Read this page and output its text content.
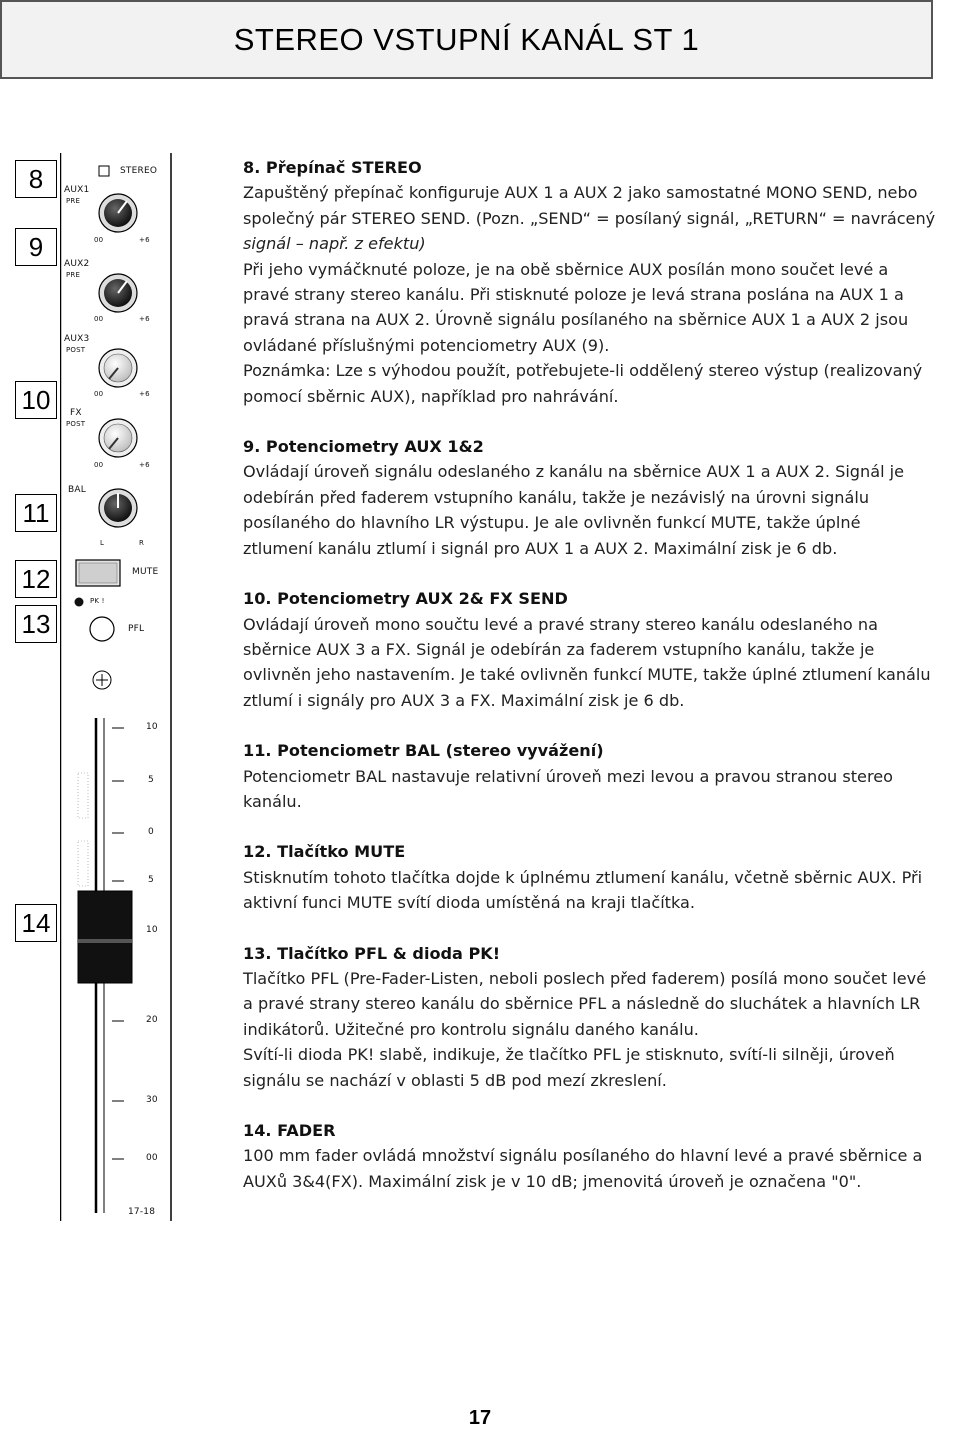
STEREO VSTUPNÍ KANÁL ST 1
8
9
10
11
12
13
14
STEREO
AUX1
PRE
00	+6
AUX2
PRE
00	+6
AUX3
POST
00	+6
FX
POST
00	+6
BAL
L	R
MUTE
PK !
PFL
10
5
0
5
10
20
30
00
17-18
8. Přepínač STEREO

Zapuštěný přepínač konfiguruje AUX 1 a AUX 2 jako samostatné MONO SEND, nebo

společný pár STEREO SEND. (Pozn. „SEND“ = posílaný signál, „RETURN“ = navrácený

signál – např. z efektu)

Při jeho vymáčknuté poloze, je na obě sběrnice AUX posílán mono součet levé a

pravé strany stereo kanálu. Při stisknuté poloze je levá strana poslána na AUX 1 a

pravá strana na AUX 2. Úrovně signálu posílaného na sběrnice AUX 1 a AUX 2 jsou

ovládané příslušnými potenciometry AUX (9).

Poznámka: Lze s výhodou použít, potřebujete-li oddělený stereo výstup (realizovaný

pomocí sběrnic AUX), například pro nahrávání.

9. Potenciometry AUX 1&2

Ovládají úroveň signálu odeslaného z kanálu na sběrnice AUX 1 a AUX 2. Signál je

odebírán před faderem vstupního kanálu, takže je nezávislý na úrovni signálu

posílaného do hlavního LR výstupu. Je ale ovlivněn funkcí MUTE, takže úplné

ztlumení kanálu ztlumí i signál pro AUX 1 a AUX 2. Maximální zisk je 6 db.

10. Potenciometry AUX 2& FX SEND

Ovládají úroveň mono součtu levé a pravé strany stereo kanálu odeslaného na

sběrnice AUX 3 a FX. Signál je odebírán za faderem vstupního kanálu, takže je

ovlivněn jeho nastavením. Je také ovlivněn funkcí MUTE, takže úplné ztlumení kanálu

ztlumí i signály pro AUX 3 a FX. Maximální zisk je 6 db.

11. Potenciometr BAL (stereo vyvážení)

Potenciometr BAL nastavuje relativní úroveň mezi levou a pravou stranou stereo

kanálu.

12. Tlačítko MUTE

Stisknutím tohoto tlačítka dojde k úplnému ztlumení kanálu, včetně sběrnic AUX. Při

aktivní funci MUTE svítí dioda umístěná na kraji tlačítka.

13. Tlačítko PFL & dioda PK!

Tlačítko PFL (Pre-Fader-Listen, neboli poslech před faderem) posílá mono součet levé

a pravé strany stereo kanálu do sběrnice PFL a následně do sluchátek a hlavních LR

indikátorů. Užitečné pro kontrolu signálu daného kanálu.

Svítí-li dioda PK! slabě, indikuje, že tlačítko PFL je stisknuto, svítí-li silněji, úroveň

signálu se nachází v oblasti 5 dB pod mezí zkreslení.

14. FADER

100 mm fader ovládá množství signálu posílaného do hlavní levé a pravé sběrnice a

AUXů 3&4(FX). Maximální zisk je v 10 dB; jmenovitá úroveň je označena "0".

17
